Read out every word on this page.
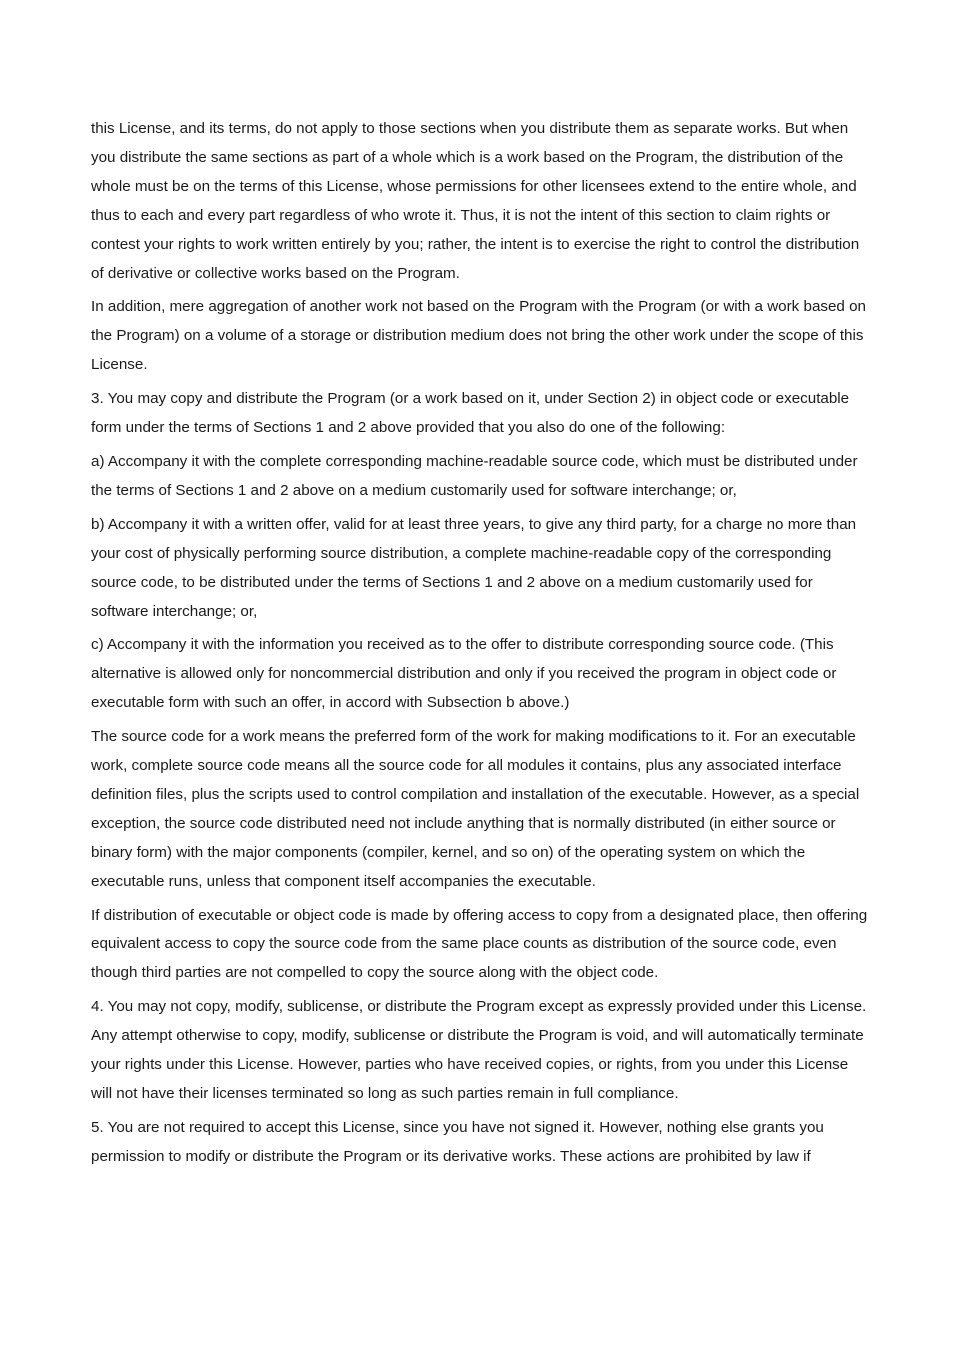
this License, and its terms, do not apply to those sections when you distribute them as separate works. But when you distribute the same sections as part of a whole which is a work based on the Program, the distribution of the whole must be on the terms of this License, whose permissions for other licensees extend to the entire whole, and thus to each and every part regardless of who wrote it. Thus, it is not the intent of this section to claim rights or contest your rights to work written entirely by you; rather, the intent is to exercise the right to control the distribution of derivative or collective works based on the Program.

In addition, mere aggregation of another work not based on the Program with the Program (or with a work based on the Program) on a volume of a storage or distribution medium does not bring the other work under the scope of this License.

3. You may copy and distribute the Program (or a work based on it, under Section 2) in object code or executable form under the terms of Sections 1 and 2 above provided that you also do one of the following:

a) Accompany it with the complete corresponding machine-readable source code, which must be distributed under the terms of Sections 1 and 2 above on a medium customarily used for software interchange; or,

b) Accompany it with a written offer, valid for at least three years, to give any third party, for a charge no more than your cost of physically performing source distribution, a complete machine-readable copy of the corresponding source code, to be distributed under the terms of Sections 1 and 2 above on a medium customarily used for software interchange; or,

c) Accompany it with the information you received as to the offer to distribute corresponding source code. (This alternative is allowed only for noncommercial distribution and only if you received the program in object code or executable form with such an offer, in accord with Subsection b above.)

The source code for a work means the preferred form of the work for making modifications to it. For an executable work, complete source code means all the source code for all modules it contains, plus any associated interface definition files, plus the scripts used to control compilation and installation of the executable. However, as a special exception, the source code distributed need not include anything that is normally distributed (in either source or binary form) with the major components (compiler, kernel, and so on) of the operating system on which the executable runs, unless that component itself accompanies the executable.

If distribution of executable or object code is made by offering access to copy from a designated place, then offering equivalent access to copy the source code from the same place counts as distribution of the source code, even though third parties are not compelled to copy the source along with the object code.

4. You may not copy, modify, sublicense, or distribute the Program except as expressly provided under this License. Any attempt otherwise to copy, modify, sublicense or distribute the Program is void, and will automatically terminate your rights under this License. However, parties who have received copies, or rights, from you under this License will not have their licenses terminated so long as such parties remain in full compliance.

5. You are not required to accept this License, since you have not signed it. However, nothing else grants you permission to modify or distribute the Program or its derivative works. These actions are prohibited by law if
